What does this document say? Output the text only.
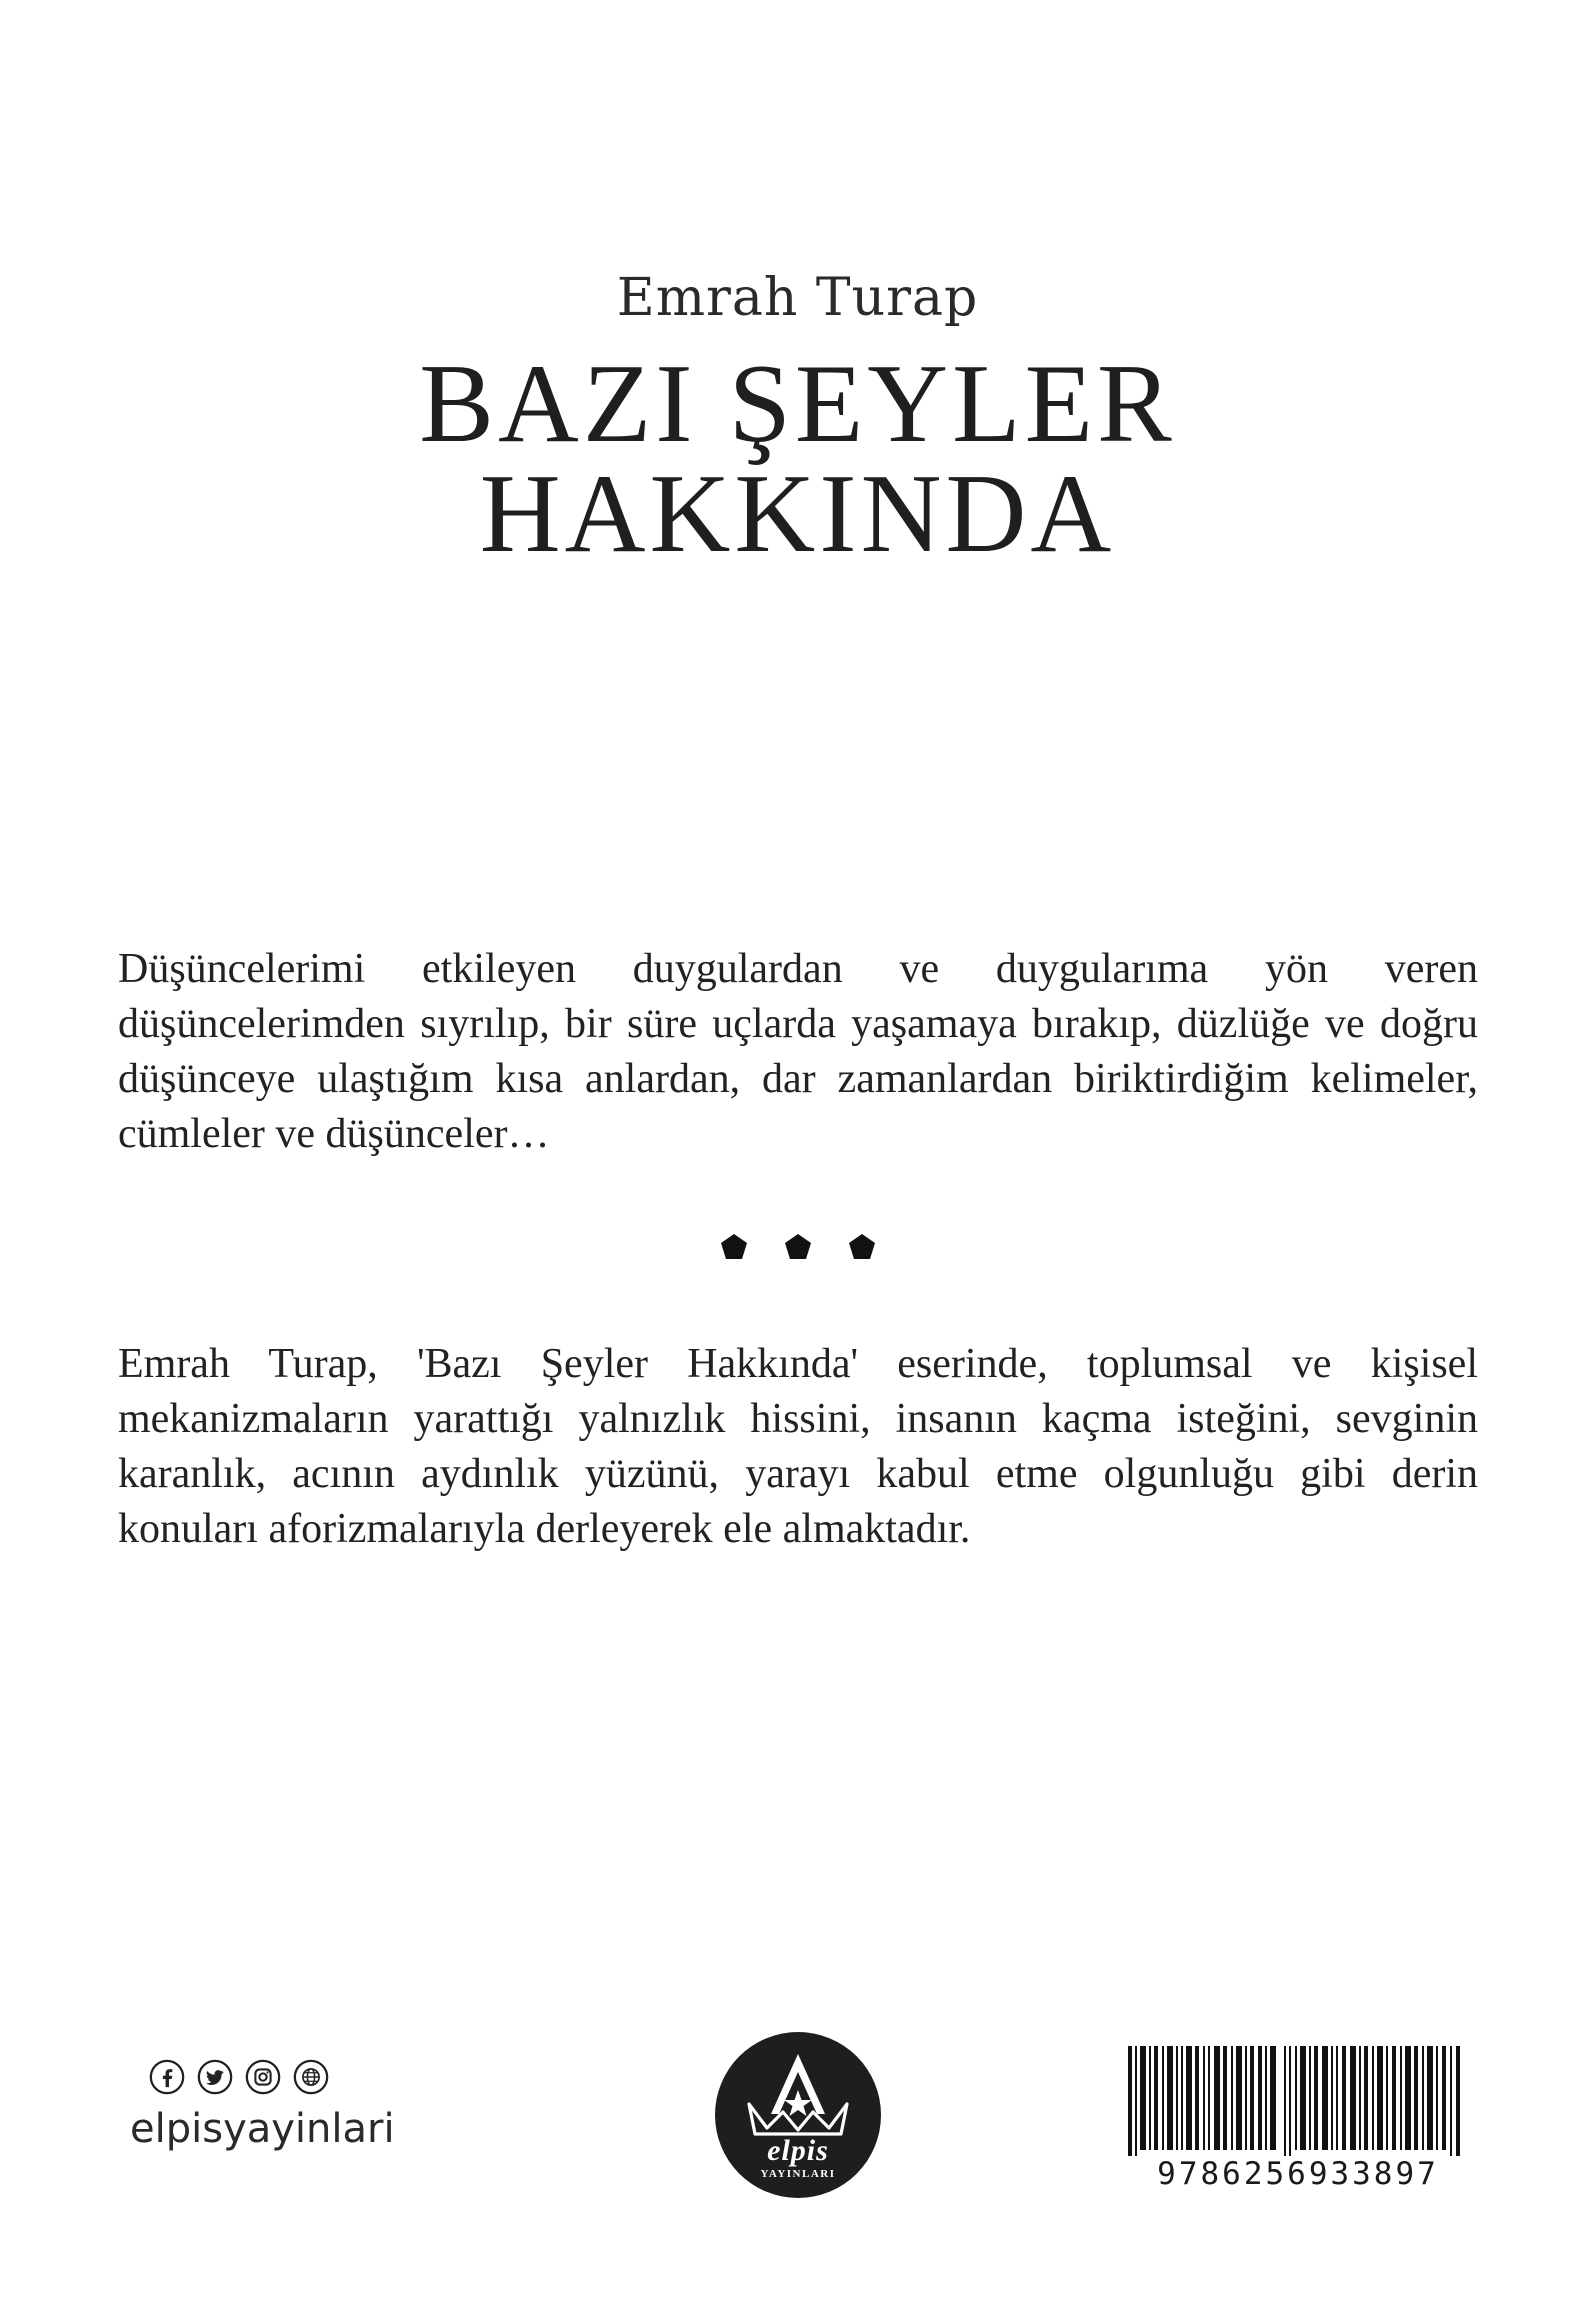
Emrah Turap
BAZI ŞEYLER
HAKKINDA
Düşüncelerimi etkileyen duygulardan ve duygularıma yön veren düşüncelerimden sıyrılıp, bir süre uçlarda yaşamaya bırakıp, düzlüğe ve doğru düşünceye ulaştığım kısa anlardan, dar zamanlardan biriktirdiğim kelimeler, cümleler ve düşünceler…
Emrah Turap, 'Bazı Şeyler Hakkında' eserinde, toplumsal ve kişisel mekanizmaların yarattığı yalnızlık hissini, insanın kaçma isteğini, sevginin karanlık, acının aydınlık yüzünü, yarayı kabul etme olgunluğu gibi derin konuları aforizmalarıyla derleyerek ele almaktadır.
elpisyayinlari	elpis
YAYINLARI	9786256933897
